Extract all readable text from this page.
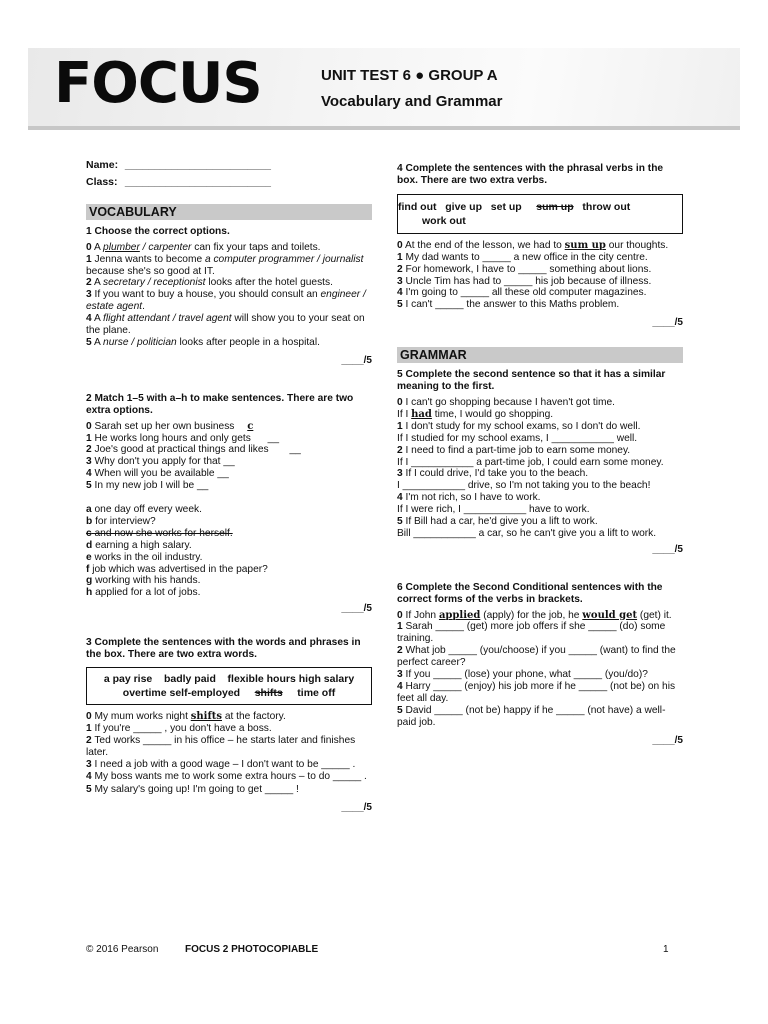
FOCUS	UNIT TEST 6 ● GROUP A
Vocabulary and Grammar
Name: _________________________
Class: _________________________
VOCABULARY

1 Choose the correct options.

0 A plumber / carpenter can fix your taps and toilets.

1 Jenna wants to become a computer programmer / journalist because she's so good at IT.

2 A secretary / receptionist looks after the hotel guests.

3 If you want to buy a house, you should consult an engineer / estate agent.

4 A flight attendant / travel agent will show you to your seat on the plane.

5 A nurse / politician looks after people in a hospital.

____/5

2 Match 1–5 with a–h to make sentences. There are two extra options.

0 Sarah set up her own business c

1 He works long hours and only gets __

2 Joe's good at practical things and likes __

3 Why don't you apply for that __

4 When will you be available __

5 In my new job I will be __

a one day off every week.

b for interview?

c and now she works for herself.

d earning a high salary.

e works in the oil industry.

f job which was advertised in the paper?

g working with his hands.

h applied for a lot of jobs.

____/5

3 Complete the sentences with the words and phrases in the box. There are two extra words.

a pay rise badly paid flexible hours high salary
overtime self-employed shifts time off

0 My mum works night shifts at the factory.

1 If you're _____ , you don't have a boss.

2 Ted works _____ in his office – he starts later and finishes later.

3 I need a job with a good wage – I don't want to be _____ .

4 My boss wants me to work some extra hours – to do _____ .

5 My salary's going up! I'm going to get _____ !

____/5

4 Complete the sentences with the phrasal verbs in the box. There are two extra verbs.

find out give up set up sum up throw out
work out

0 At the end of the lesson, we had to sum up our thoughts.

1 My dad wants to _____ a new office in the city centre.

2 For homework, I have to _____ something about lions.

3 Uncle Tim has had to _____ his job because of illness.

4 I'm going to _____ all these old computer magazines.

5 I can't _____ the answer to this Maths problem.

____/5
GRAMMAR

5 Complete the second sentence so that it has a similar meaning to the first.

0 I can't go shopping because I haven't got time.

If I had time, I would go shopping.

1 I don't study for my school exams, so I don't do well.

If I studied for my school exams, I ___________ well.

2 I need to find a part-time job to earn some money.

If I ___________ a part-time job, I could earn some money.

3 If I could drive, I'd take you to the beach.

I ___________ drive, so I'm not taking you to the beach!

4 I'm not rich, so I have to work.

If I were rich, I ___________ have to work.

5 If Bill had a car, he'd give you a lift to work.

Bill ___________ a car, so he can't give you a lift to work.

____/5

6 Complete the Second Conditional sentences with the correct forms of the verbs in brackets.

0 If John applied (apply) for the job, he would get (get) it.

1 Sarah _____ (get) more job offers if she _____ (do) some training.

2 What job _____ (you/choose) if you _____ (want) to find the perfect career?

3 If you _____ (lose) your phone, what _____ (you/do)?

4 Harry _____ (enjoy) his job more if he _____ (not be) on his feet all day.

5 David _____ (not be) happy if he _____ (not have) a well-paid job.

____/5
© 2016 Pearson	FOCUS 2 PHOTOCOPIABLE	1
